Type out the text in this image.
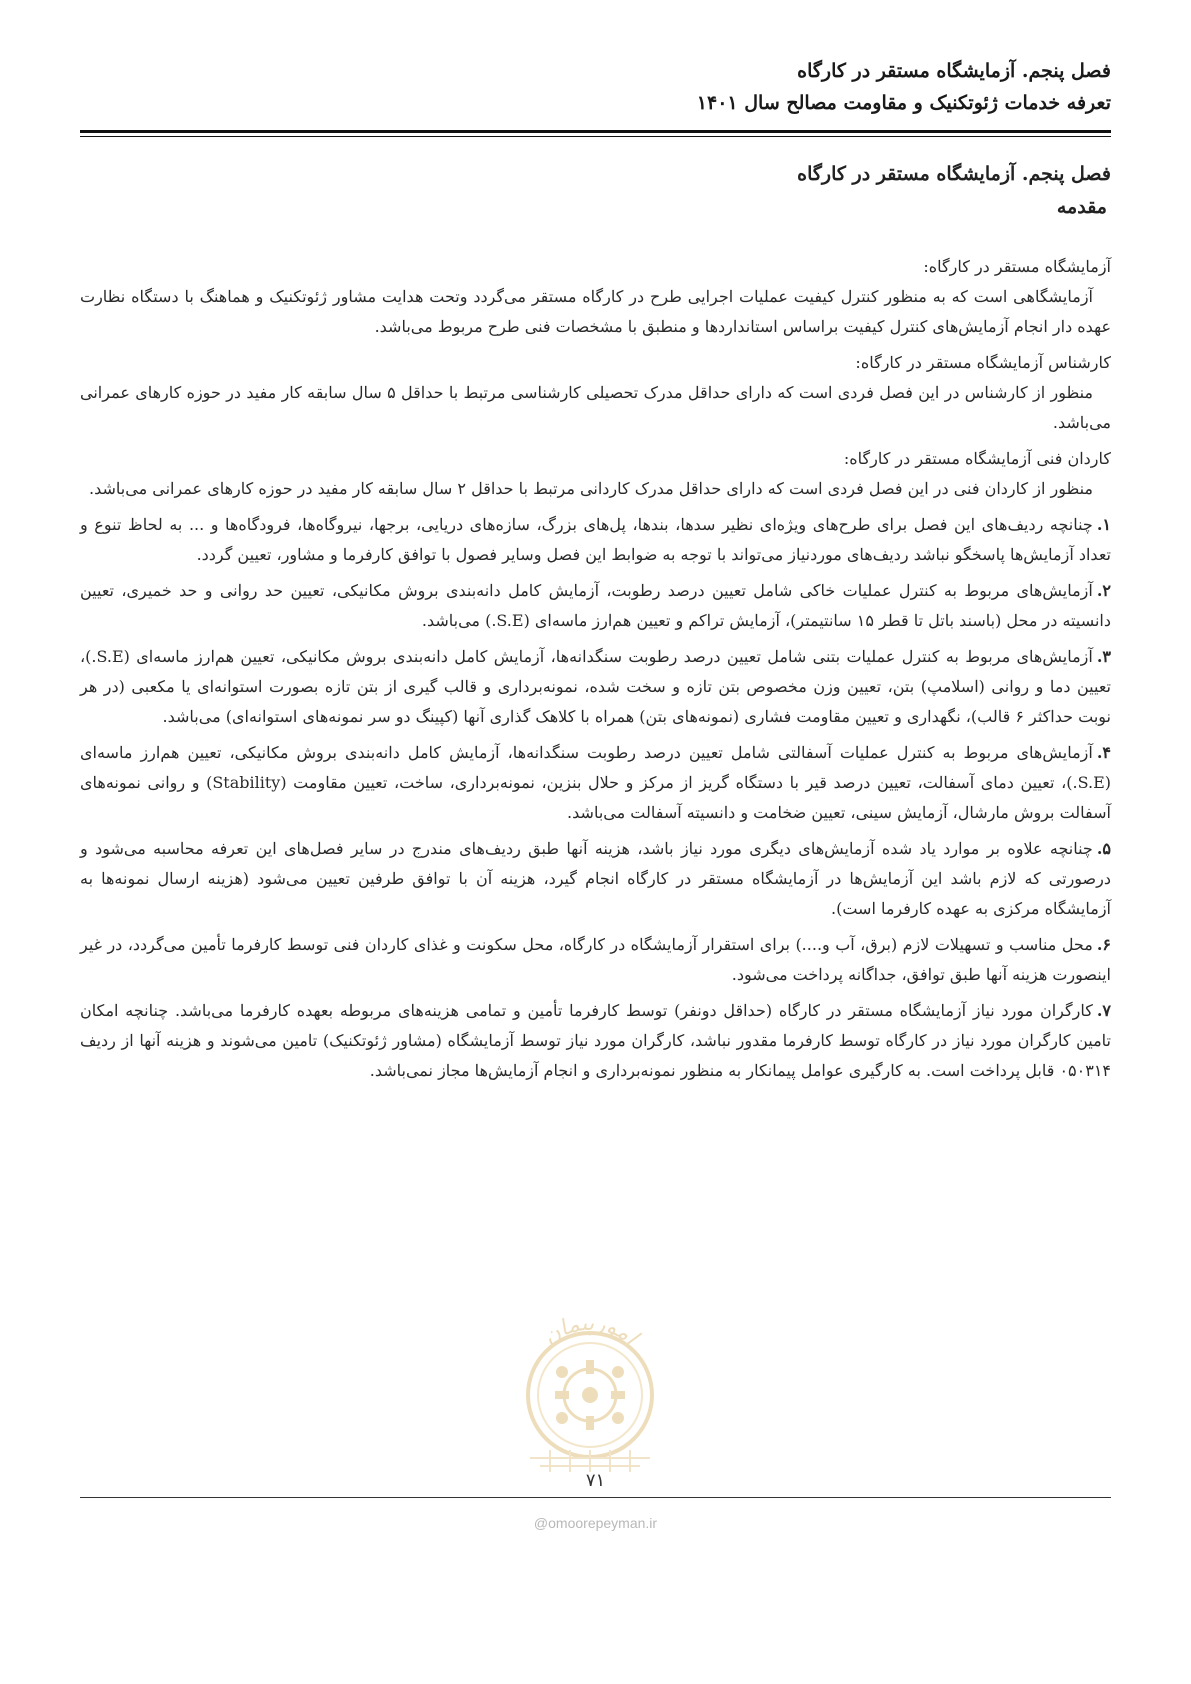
فصل پنجم. آزمایشگاه مستقر در کارگاه
تعرفه خدمات ژئوتکنیک و مقاومت مصالح سال ۱۴۰۱
فصل پنجم. آزمایشگاه مستقر در کارگاه
مقدمه

آزمایشگاه مستقر در کارگاه:

آزمایشگاهی است که به منظور کنترل کیفیت عملیات اجرایی طرح در کارگاه مستقر می‌گردد وتحت هدایت مشاور ژئوتکنیک و هماهنگ با دستگاه نظارت عهده دار انجام آزمایش‌های کنترل کیفیت براساس استانداردها و منطبق با مشخصات فنی طرح مربوط می‌باشد.

کارشناس آزمایشگاه مستقر در کارگاه:

منظور از کارشناس در این فصل فردی است که دارای حداقل مدرک تحصیلی کارشناسی مرتبط با حداقل ۵ سال سابقه کار مفید در حوزه کارهای عمرانی می‌باشد.

کاردان فنی آزمایشگاه مستقر در کارگاه:

منظور از کاردان فنی در این فصل فردی است که دارای حداقل مدرک کاردانی مرتبط با حداقل ۲ سال سابقه کار مفید در حوزه کارهای عمرانی می‌باشد.

۱.چنانچه ردیف‌های این فصل برای طرح‌های ویژه‌ای نظیر سدها، بندها، پل‌های بزرگ، سازه‌های دریایی، برجها، نیروگاه‌ها، فرودگاه‌ها و ... به لحاظ تنوع و تعداد آزمایش‌ها پاسخگو نباشد ردیف‌های موردنیاز می‌تواند با توجه به ضوابط این فصل وسایر فصول با توافق کارفرما و مشاور، تعیین گردد.

۲.آزمایش‌های مربوط به کنترل عملیات خاکی شامل تعیین درصد رطوبت، آزمایش کامل دانه‌بندی بروش مکانیکی، تعیین حد روانی و حد خمیری، تعیین دانسیته در محل (باسند باتل تا قطر ۱۵ سانتیمتر)، آزمایش تراکم و تعیین هم‌ارز ماسه‌ای (S.E.) می‌باشد.

۳.آزمایش‌های مربوط به کنترل عملیات بتنی شامل تعیین درصد رطوبت سنگدانه‌ها، آزمایش کامل دانه‌بندی بروش مکانیکی، تعیین هم‌ارز ماسه‌ای (S.E.)، تعیین دما و روانی (اسلامپ) بتن، تعیین وزن مخصوص بتن تازه و سخت شده، نمونه‌برداری و قالب گیری از بتن تازه بصورت استوانه‌ای یا مکعبی (در هر نوبت حداکثر ۶ قالب)، نگهداری و تعیین مقاومت فشاری (نمونه‌های بتن) همراه با کلاهک گذاری آنها (کپینگ دو سر نمونه‌های استوانه‌ای) می‌باشد.

۴.آزمایش‌های مربوط به کنترل عملیات آسفالتی شامل تعیین درصد رطوبت سنگدانه‌ها، آزمایش کامل دانه‌بندی بروش مکانیکی، تعیین هم‌ارز ماسه‌ای (S.E.)، تعیین دمای آسفالت، تعیین درصد قیر با دستگاه گریز از مرکز و حلال بنزین، نمونه‌برداری، ساخت، تعیین مقاومت (Stability) و روانی نمونه‌های آسفالت بروش مارشال، آزمایش سینی، تعیین ضخامت و دانسیته آسفالت می‌باشد.

۵.چنانچه علاوه بر موارد یاد شده آزمایش‌های دیگری مورد نیاز باشد، هزینه آنها طبق ردیف‌های مندرج در سایر فصل‌های این تعرفه محاسبه می‌شود و درصورتی که لازم باشد این آزمایش‌ها در آزمایشگاه مستقر در کارگاه انجام گیرد، هزینه آن با توافق طرفین تعیین می‌شود (هزینه ارسال نمونه‌ها به آزمایشگاه مرکزی به عهده کارفرما است).

۶.محل مناسب و تسهیلات لازم (برق، آب و....) برای استقرار آزمایشگاه در کارگاه، محل سکونت و غذای کاردان فنی توسط کارفرما تأمین می‌گردد، در غیر اینصورت هزینه آنها طبق توافق، جداگانه پرداخت می‌شود.

۷.کارگران مورد نیاز آزمایشگاه مستقر در کارگاه (حداقل دونفر) توسط کارفرما تأمین و تمامی هزینه‌های مربوطه بعهده کارفرما می‌باشد. چنانچه امکان تامین کارگران مورد نیاز در کارگاه توسط کارفرما مقدور نباشد، کارگران مورد نیاز توسط آزمایشگاه (مشاور ژئوتکنیک) تامین می‌شوند و هزینه آنها از ردیف ۰۵۰۳۱۴ قابل پرداخت است. به کارگیری عوامل پیمانکار به منظور نمونه‌برداری و انجام آزمایش‌ها مجاز نمی‌باشد.

امورپیمان
۷۱
@omoorepeyman.ir
